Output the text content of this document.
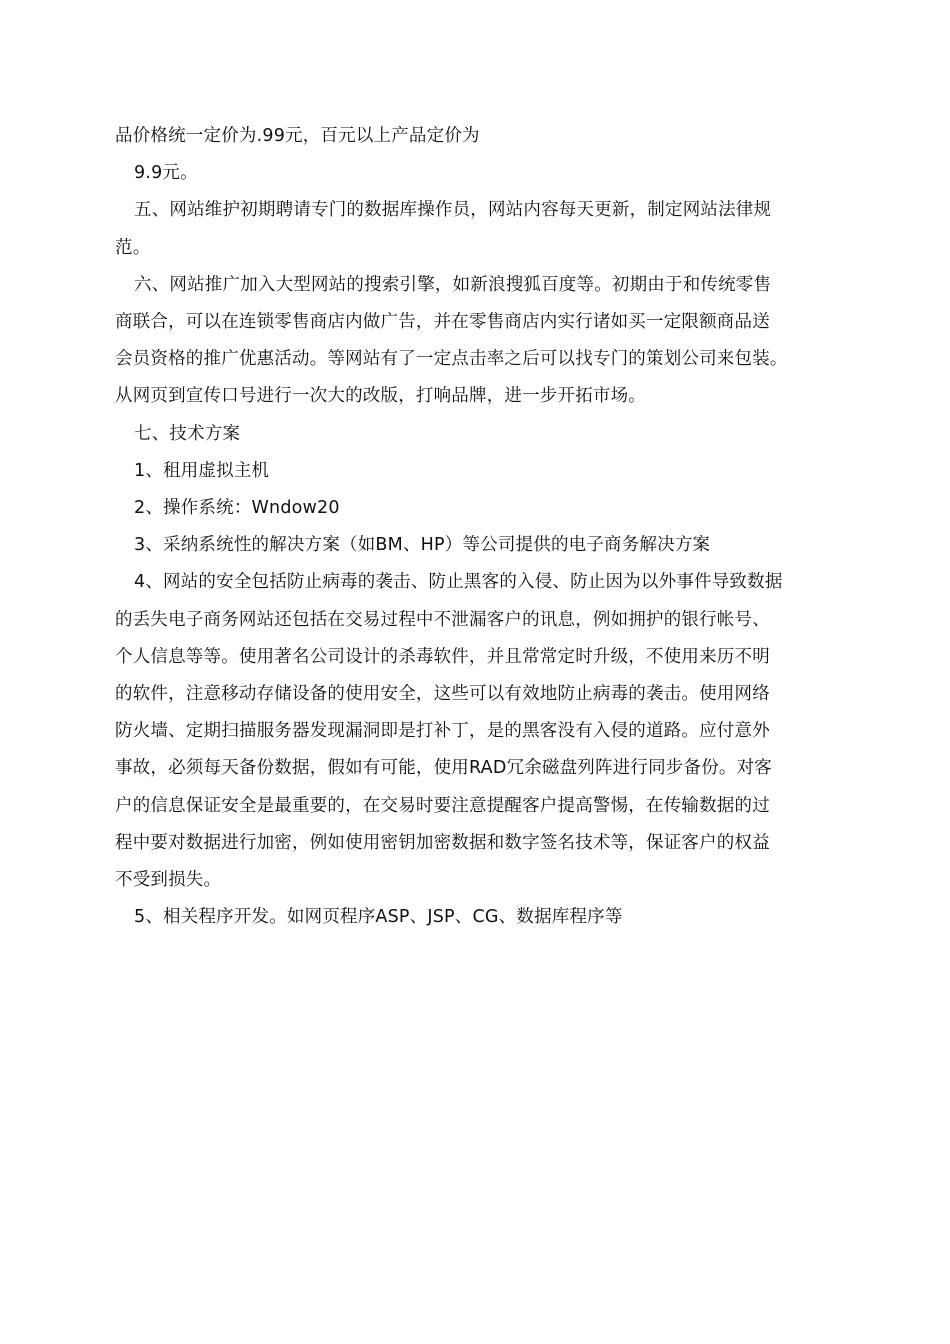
品价格统一定价为.99元，百元以上产品定价为
9.9元。
五、网站维护初期聘请专门的数据库操作员，网站内容每天更新，制定网站法律规
范。
六、网站推广加入大型网站的搜索引擎，如新浪搜狐百度等。初期由于和传统零售
商联合，可以在连锁零售商店内做广告，并在零售商店内实行诸如买一定限额商品送
会员资格的推广优惠活动。等网站有了一定点击率之后可以找专门的策划公司来包装。
从网页到宣传口号进行一次大的改版，打响品牌，进一步开拓市场。
七、技术方案
1、租用虚拟主机
2、操作系统：Wndow20
3、采纳系统性的解决方案（如BM、HP）等公司提供的电子商务解决方案
4、网站的安全包括防止病毒的袭击、防止黑客的入侵、防止因为以外事件导致数据
的丢失电子商务网站还包括在交易过程中不泄漏客户的讯息，例如拥护的银行帐号、
个人信息等等。使用著名公司设计的杀毒软件，并且常常定时升级，不使用来历不明
的软件，注意移动存储设备的使用安全，这些可以有效地防止病毒的袭击。使用网络
防火墙、定期扫描服务器发现漏洞即是打补丁，是的黑客没有入侵的道路。应付意外
事故，必须每天备份数据，假如有可能，使用RAD冗余磁盘列阵进行同步备份。对客
户的信息保证安全是最重要的，在交易时要注意提醒客户提高警惕，在传输数据的过
程中要对数据进行加密，例如使用密钥加密数据和数字签名技术等，保证客户的权益
不受到损失。
5、相关程序开发。如网页程序ASP、JSP、CG、数据库程序等
